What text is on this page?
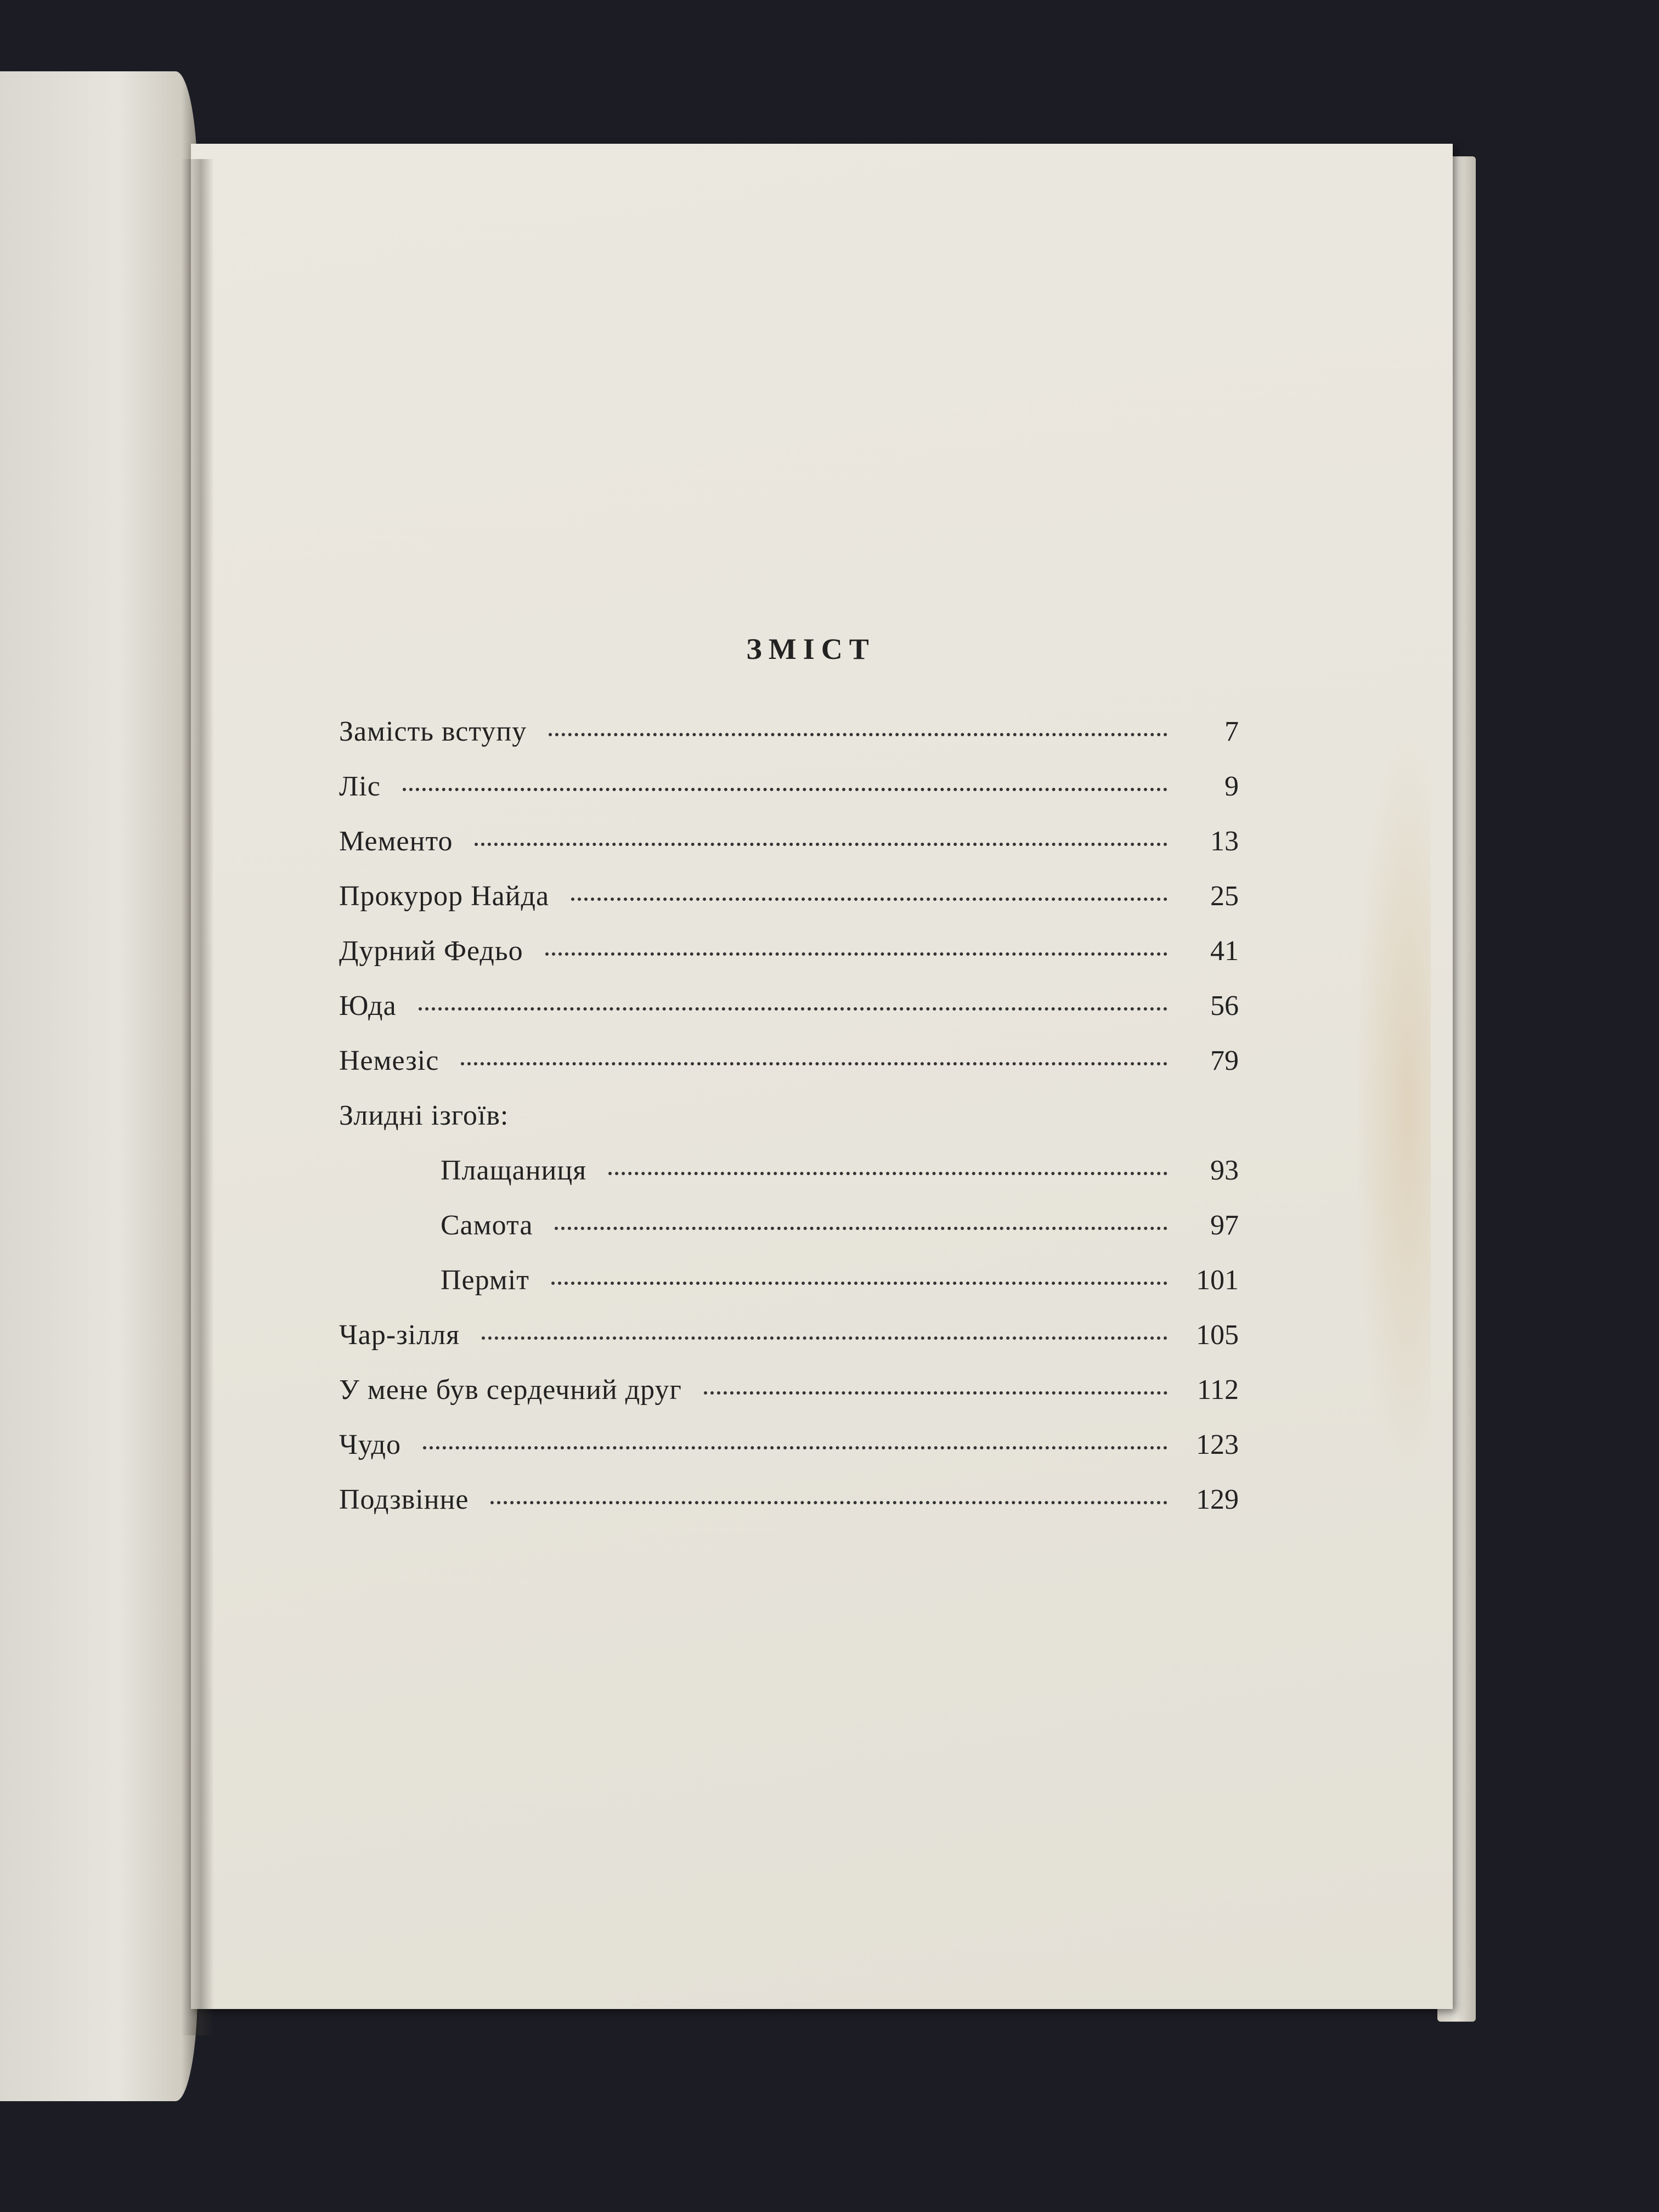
ЗМІСТ
Замість вступу	7
Ліс	9
Мементо	13
Прокурор Найда	25
Дурний Федьо	41
Юда	56
Немезіс	79
Злидні ізгоїв:
Плащаниця	93
Самота	97
Перміт	101
Чар-зілля	105
У мене був сердечний друг	112
Чудо	123
Подзвінне	129
